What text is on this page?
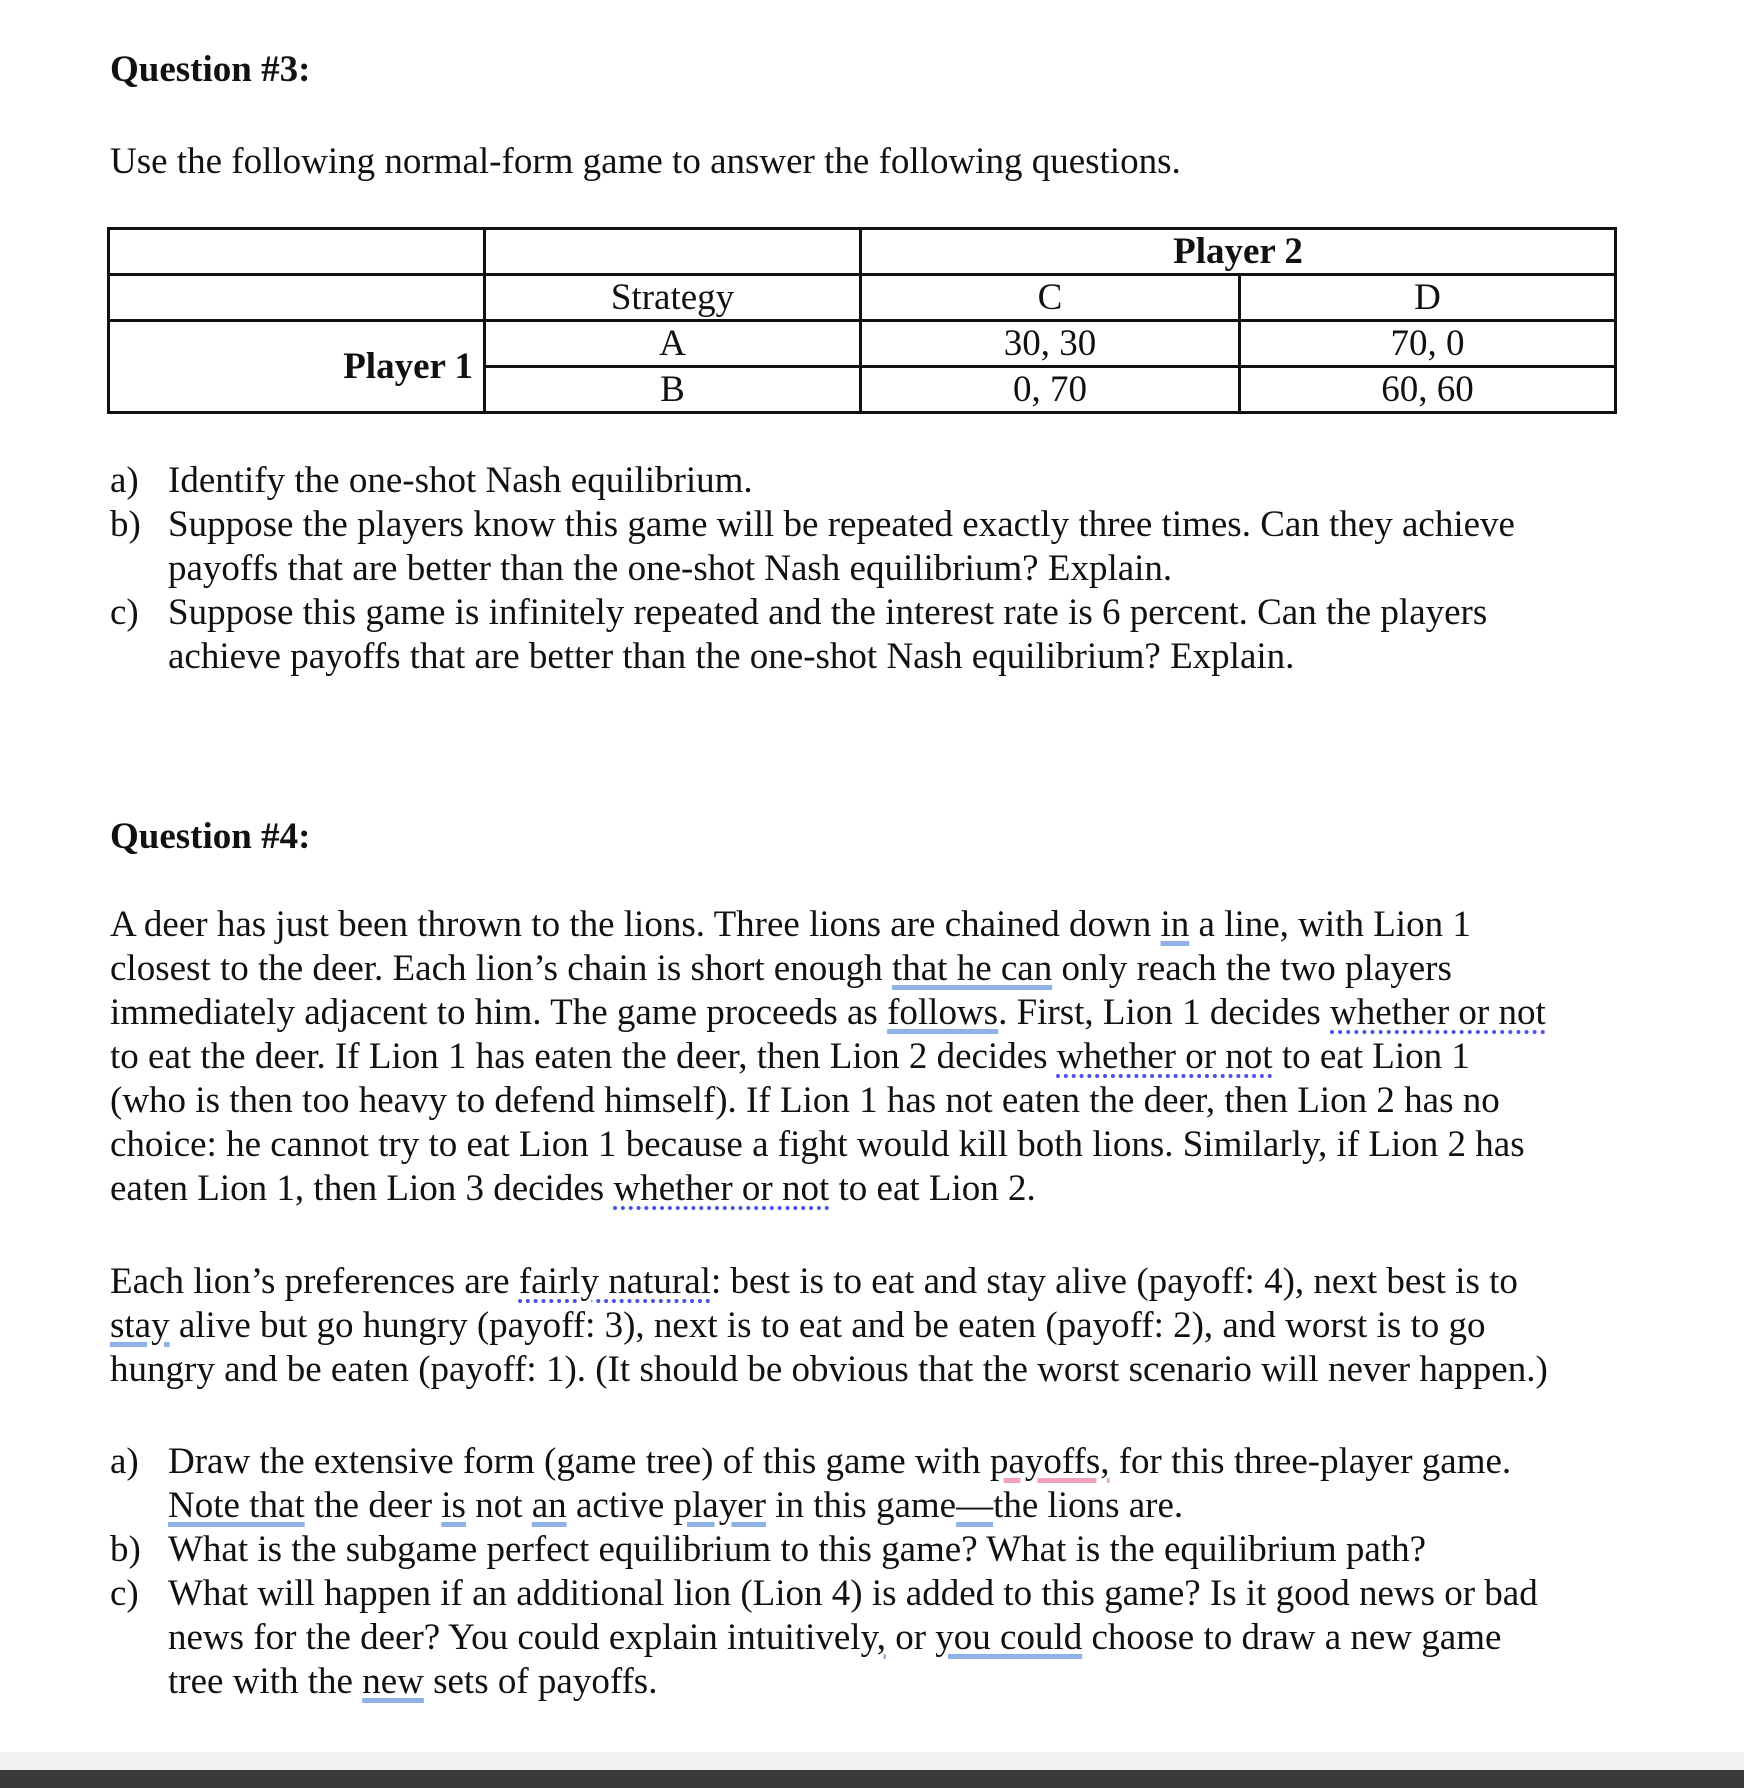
Question #3:
Use the following normal-form game to answer the following questions.
		Player 2	
	Strategy	C	D
Player 1	A	30, 30	70, 0
	B	0, 70	60, 60
a) Identify the one-shot Nash equilibrium.
b) Suppose the players know this game will be repeated exactly three times. Can they achieve
payoffs that are better than the one-shot Nash equilibrium? Explain.
c) Suppose this game is infinitely repeated and the interest rate is 6 percent. Can the players
achieve payoffs that are better than the one-shot Nash equilibrium? Explain.
Question #4:
A deer has just been thrown to the lions. Three lions are chained down in a line, with Lion 1
closest to the deer. Each lion’s chain is short enough that he can only reach the two players
immediately adjacent to him. The game proceeds as follows. First, Lion 1 decides whether or not
to eat the deer. If Lion 1 has eaten the deer, then Lion 2 decides whether or not to eat Lion 1
(who is then too heavy to defend himself). If Lion 1 has not eaten the deer, then Lion 2 has no
choice: he cannot try to eat Lion 1 because a fight would kill both lions. Similarly, if Lion 2 has
eaten Lion 1, then Lion 3 decides whether or not to eat Lion 2.
Each lion’s preferences are fairly natural: best is to eat and stay alive (payoff: 4), next best is to
stay alive but go hungry (payoff: 3), next is to eat and be eaten (payoff: 2), and worst is to go
hungry and be eaten (payoff: 1). (It should be obvious that the worst scenario will never happen.)
a) Draw the extensive form (game tree) of this game with payoffs, for this three-player game.
Note that the deer is not an active player in this game—the lions are.
b) What is the subgame perfect equilibrium to this game? What is the equilibrium path?
c) What will happen if an additional lion (Lion 4) is added to this game? Is it good news or bad
news for the deer? You could explain intuitively, or you could choose to draw a new game
tree with the new sets of payoffs.
